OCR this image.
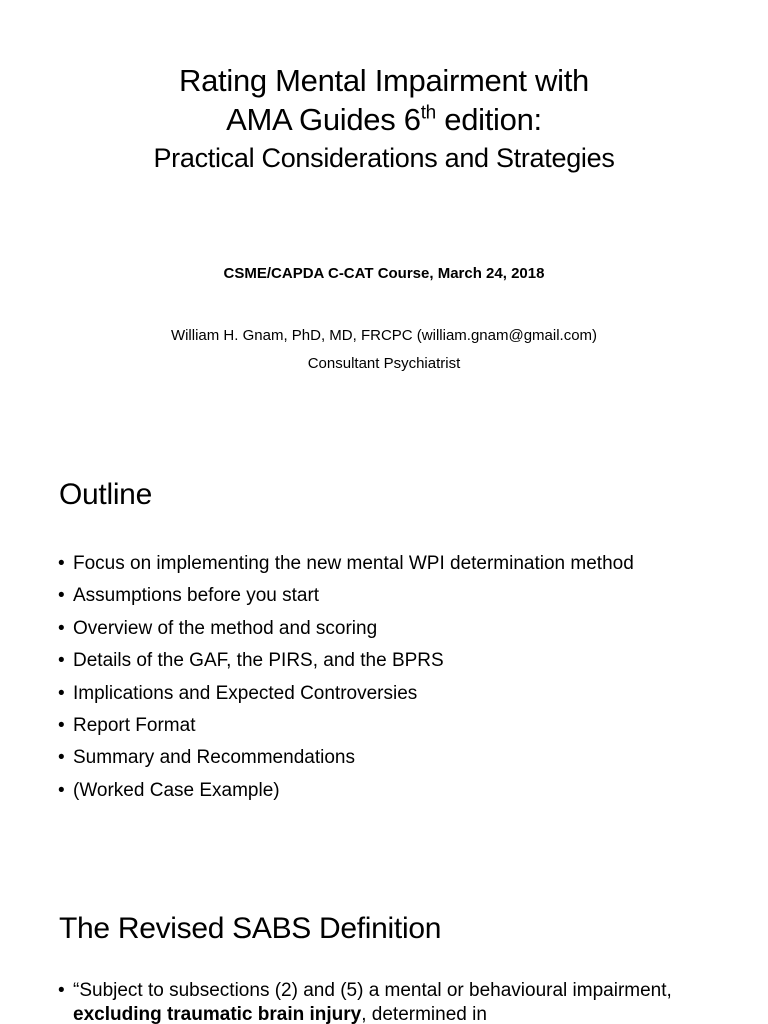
Rating Mental Impairment with
AMA Guides 6th edition:
Practical Considerations and Strategies
CSME/CAPDA C-CAT Course, March 24, 2018
William H. Gnam, PhD, MD, FRCPC (william.gnam@gmail.com)
Consultant Psychiatrist
Outline
• Focus on implementing the new mental WPI determination method
• Assumptions before you start
• Overview of the method and scoring
• Details of the GAF, the PIRS, and the BPRS
• Implications and Expected Controversies
• Report Format
• Summary and Recommendations
• (Worked Case Example)
The Revised SABS Definition
• “Subject to subsections (2) and (5) a mental or behavioural impairment, excluding traumatic brain injury, determined in
